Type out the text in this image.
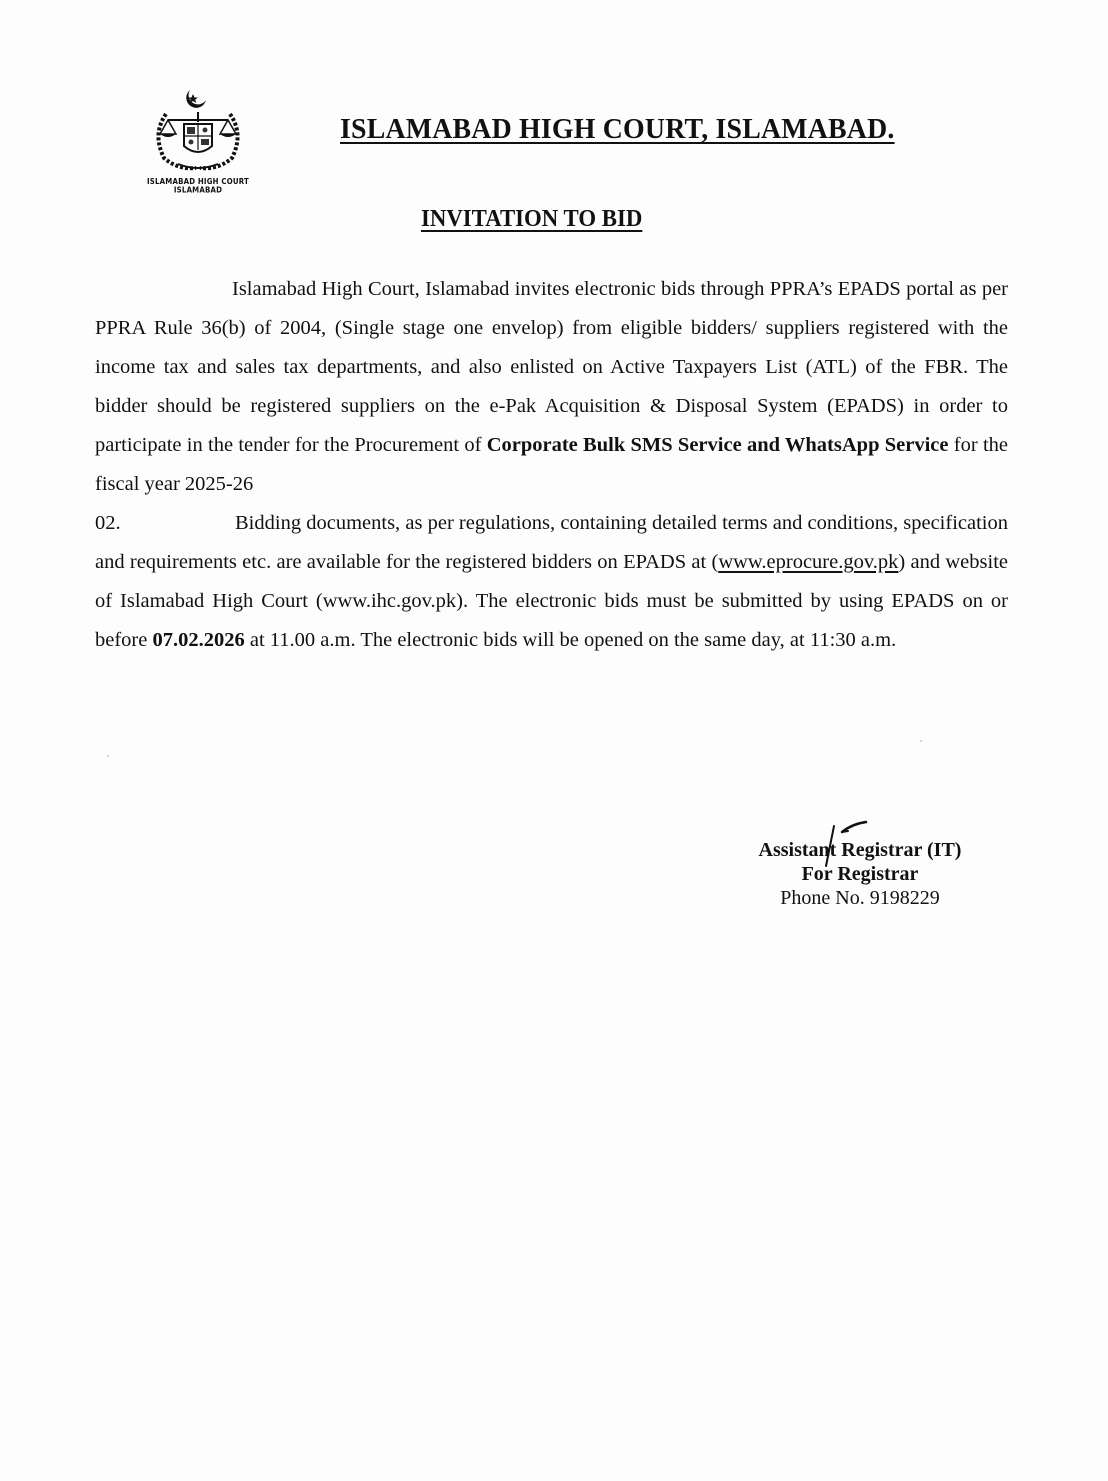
ISLAMABAD HIGH COURT
ISLAMABAD
ISLAMABAD HIGH COURT, ISLAMABAD.
INVITATION TO BID

Islamabad High Court, Islamabad invites electronic bids through PPRA’s EPADS portal as per PPRA Rule 36(b) of 2004, (Single stage one envelop) from eligible bidders/ suppliers registered with the income tax and sales tax departments, and also enlisted on Active Taxpayers List (ATL) of the FBR. The bidder should be registered suppliers on the e-Pak Acquisition & Disposal System (EPADS) in order to participate in the tender for the Procurement of Corporate Bulk SMS Service and WhatsApp Service for the fiscal year 2025-26

02.	Bidding documents, as per regulations, containing detailed terms and conditions, specification and requirements etc. are available for the registered bidders on EPADS at (www.eprocure.gov.pk) and website of Islamabad High Court (www.ihc.gov.pk). The electronic bids must be submitted by using EPADS on or before 07.02.2026 at 11.00 a.m. The electronic bids will be opened on the same day, at 11:30 a.m.

Assistant Registrar (IT)
For Registrar
Phone No. 9198229
